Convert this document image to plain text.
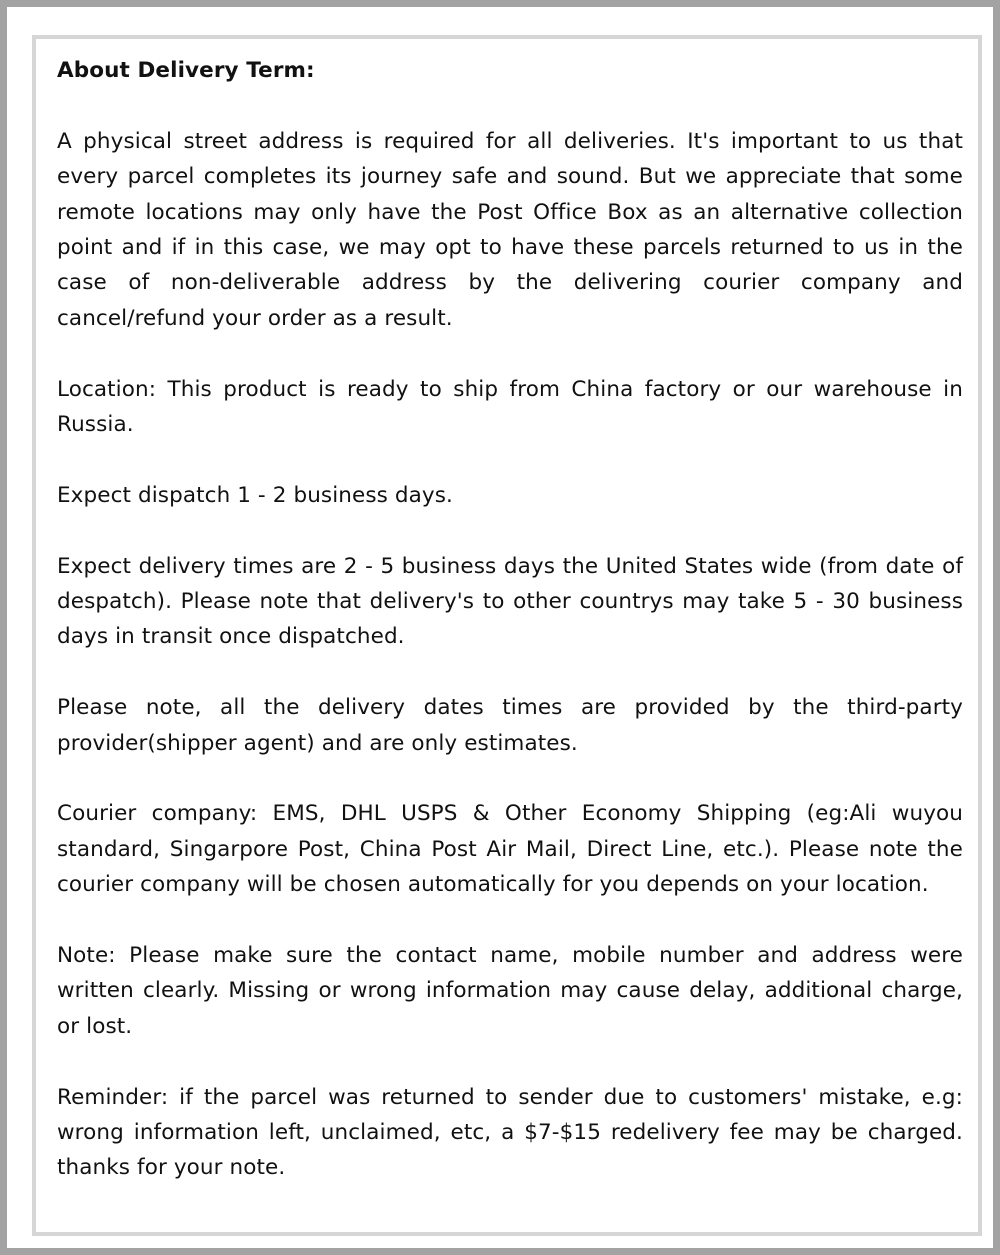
About Delivery Term:

A physical street address is required for all deliveries. It's important to us that every parcel completes its journey safe and sound. But we appreciate that some remote locations may only have the Post Office Box as an alternative collection point and if in this case, we may opt to have these parcels returned to us in the case of non-deliverable address by the delivering courier company and cancel/refund your order as a result.

Location: This product is ready to ship from China factory or our warehouse in Russia.

Expect dispatch 1 - 2 business days.

Expect delivery times are 2 - 5 business days the United States wide (from date of despatch). Please note that delivery's to other countrys may take 5 - 30 business days in transit once dispatched.

Please note, all the delivery dates times are provided by the third-party provider(shipper agent) and are only estimates.

Courier company: EMS, DHL USPS & Other Economy Shipping (eg:Ali wuyou standard, Singarpore Post, China Post Air Mail, Direct Line, etc.). Please note the courier company will be chosen automatically for you depends on your location.

Note: Please make sure the contact name, mobile number and address were written clearly. Missing or wrong information may cause delay, additional charge, or lost.

Reminder: if the parcel was returned to sender due to customers' mistake, e.g: wrong information left, unclaimed, etc, a $7-$15 redelivery fee may be charged. thanks for your note.
